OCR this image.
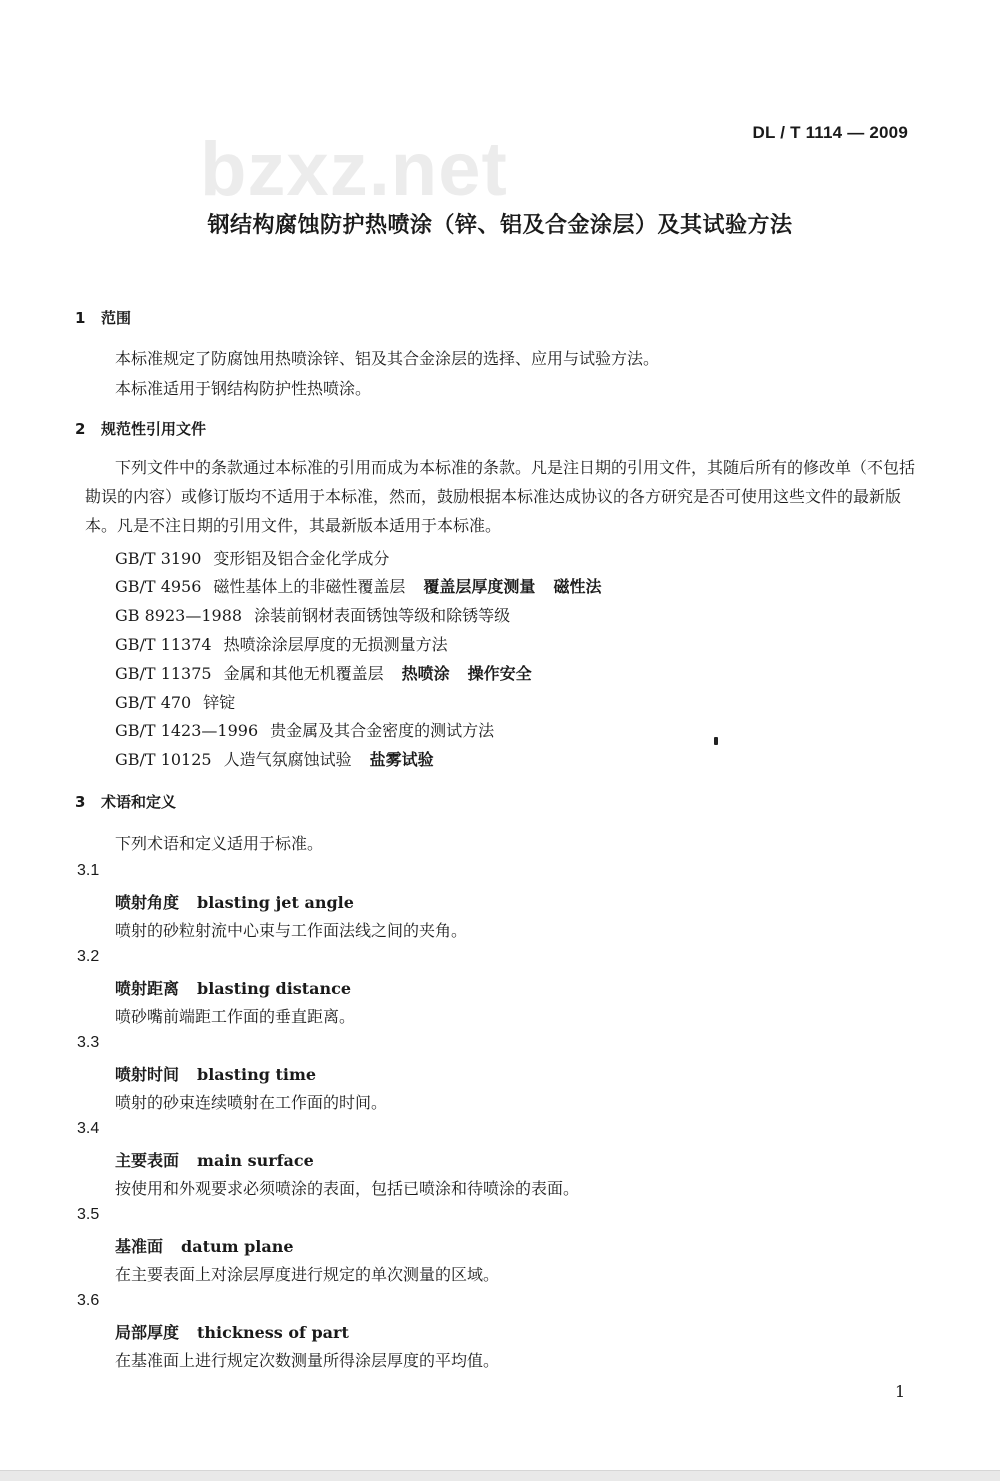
bzxz.net	DL / T 1114 — 2009
钢结构腐蚀防护热喷涂（锌、铝及合金涂层）及其试验方法
1 范围
本标准规定了防腐蚀用热喷涂锌、铝及其合金涂层的选择、应用与试验方法。
本标准适用于钢结构防护性热喷涂。
2 规范性引用文件
下列文件中的条款通过本标准的引用而成为本标准的条款。凡是注日期的引用文件，其随后所有的修改单（不包括勘误的内容）或修订版均不适用于本标准，然而，鼓励根据本标准达成协议的各方研究是否可使用这些文件的最新版本。凡是不注日期的引用文件，其最新版本适用于本标准。
GB/T 3190 变形铝及铝合金化学成分
GB/T 4956 磁性基体上的非磁性覆盖层 覆盖层厚度测量 磁性法
GB 8923—1988 涂装前钢材表面锈蚀等级和除锈等级
GB/T 11374 热喷涂涂层厚度的无损测量方法
GB/T 11375 金属和其他无机覆盖层 热喷涂 操作安全
GB/T 470 锌锭
GB/T 1423—1996 贵金属及其合金密度的测试方法
GB/T 10125 人造气氛腐蚀试验 盐雾试验
3 术语和定义
下列术语和定义适用于标准。
3.1
喷射角度 blasting jet angle
喷射的砂粒射流中心束与工作面法线之间的夹角。
3.2
喷射距离 blasting distance
喷砂嘴前端距工作面的垂直距离。
3.3
喷射时间 blasting time
喷射的砂束连续喷射在工作面的时间。
3.4
主要表面 main surface
按使用和外观要求必须喷涂的表面，包括已喷涂和待喷涂的表面。
3.5
基准面 datum plane
在主要表面上对涂层厚度进行规定的单次测量的区域。
3.6
局部厚度 thickness of part
在基准面上进行规定次数测量所得涂层厚度的平均值。
1
